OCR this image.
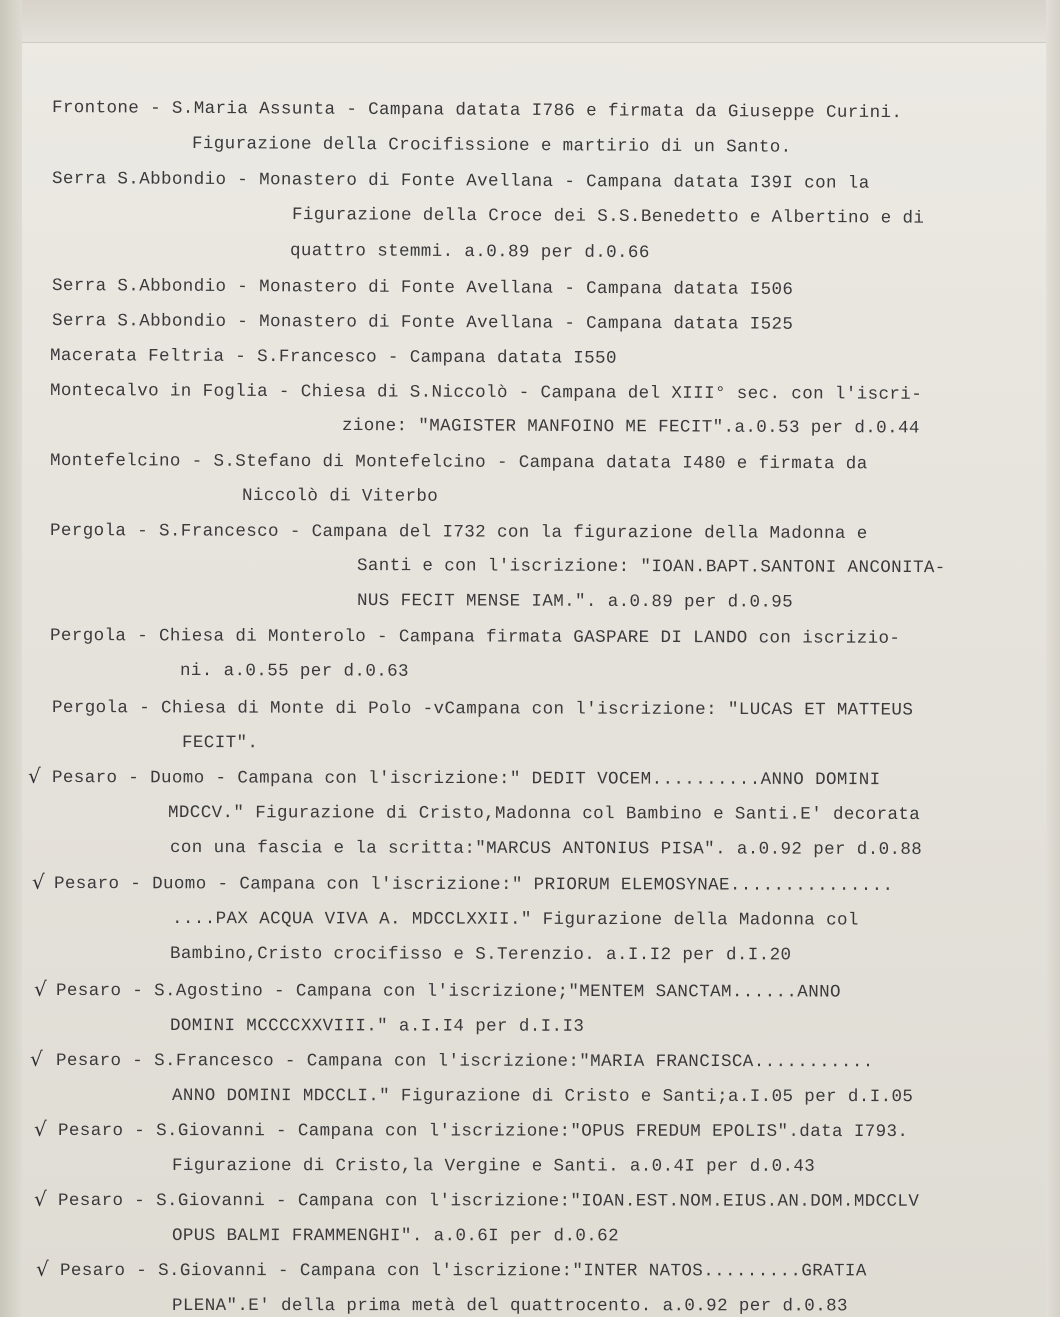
Frontone - S.Maria Assunta - Campana datata I786 e firmata da Giuseppe Curini.
Figurazione della Crocifissione e martirio di un Santo.
Serra S.Abbondio - Monastero di Fonte Avellana - Campana datata I39I con la
Figurazione della Croce dei S.S.Benedetto e Albertino e di
quattro stemmi. a.0.89 per d.0.66
Serra S.Abbondio - Monastero di Fonte Avellana - Campana datata I506
Serra S.Abbondio - Monastero di Fonte Avellana - Campana datata I525
Macerata Feltria - S.Francesco - Campana datata I550
Montecalvo in Foglia - Chiesa di S.Niccolò - Campana del XIII° sec. con l'iscri-
zione: "MAGISTER MANFOINO ME FECIT".a.0.53 per d.0.44
Montefelcino - S.Stefano di Montefelcino - Campana datata I480 e firmata da
Niccolò di Viterbo
Pergola - S.Francesco - Campana del I732 con la figurazione della Madonna e
Santi e con l'iscrizione: "IOAN.BAPT.SANTONI ANCONITA-
NUS FECIT MENSE IAM.". a.0.89 per d.0.95
Pergola - Chiesa di Monterolo - Campana firmata GASPARE DI LANDO con iscrizio-
ni. a.0.55 per d.0.63
Pergola - Chiesa di Monte di Polo -vCampana con l'iscrizione: "LUCAS ET MATTEUS
FECIT".
√ Pesaro - Duomo - Campana con l'iscrizione:" DEDIT VOCEM..........ANNO DOMINI
MDCCV." Figurazione di Cristo,Madonna col Bambino e Santi.E' decorata
con una fascia e la scritta:"MARCUS ANTONIUS PISA". a.0.92 per d.0.88
√ Pesaro - Duomo - Campana con l'iscrizione:" PRIORUM ELEMOSYNAE...............
....PAX ACQUA VIVA A. MDCCLXXII." Figurazione della Madonna col
Bambino,Cristo crocifisso e S.Terenzio. a.I.I2 per d.I.20
√ Pesaro - S.Agostino - Campana con l'iscrizione;"MENTEM SANCTAM......ANNO
DOMINI MCCCCXXVIII." a.I.I4 per d.I.I3
√ Pesaro - S.Francesco - Campana con l'iscrizione:"MARIA FRANCISCA...........
ANNO DOMINI MDCCLI." Figurazione di Cristo e Santi;a.I.05 per d.I.05
√ Pesaro - S.Giovanni - Campana con l'iscrizione:"OPUS FREDUM EPOLIS".data I793.
Figurazione di Cristo,la Vergine e Santi. a.0.4I per d.0.43
√ Pesaro - S.Giovanni - Campana con l'iscrizione:"IOAN.EST.NOM.EIUS.AN.DOM.MDCCLV
OPUS BALMI FRAMMENGHI". a.0.6I per d.0.62
√ Pesaro - S.Giovanni - Campana con l'iscrizione:"INTER NATOS.........GRATIA
PLENA".E' della prima metà del quattrocento. a.0.92 per d.0.83
